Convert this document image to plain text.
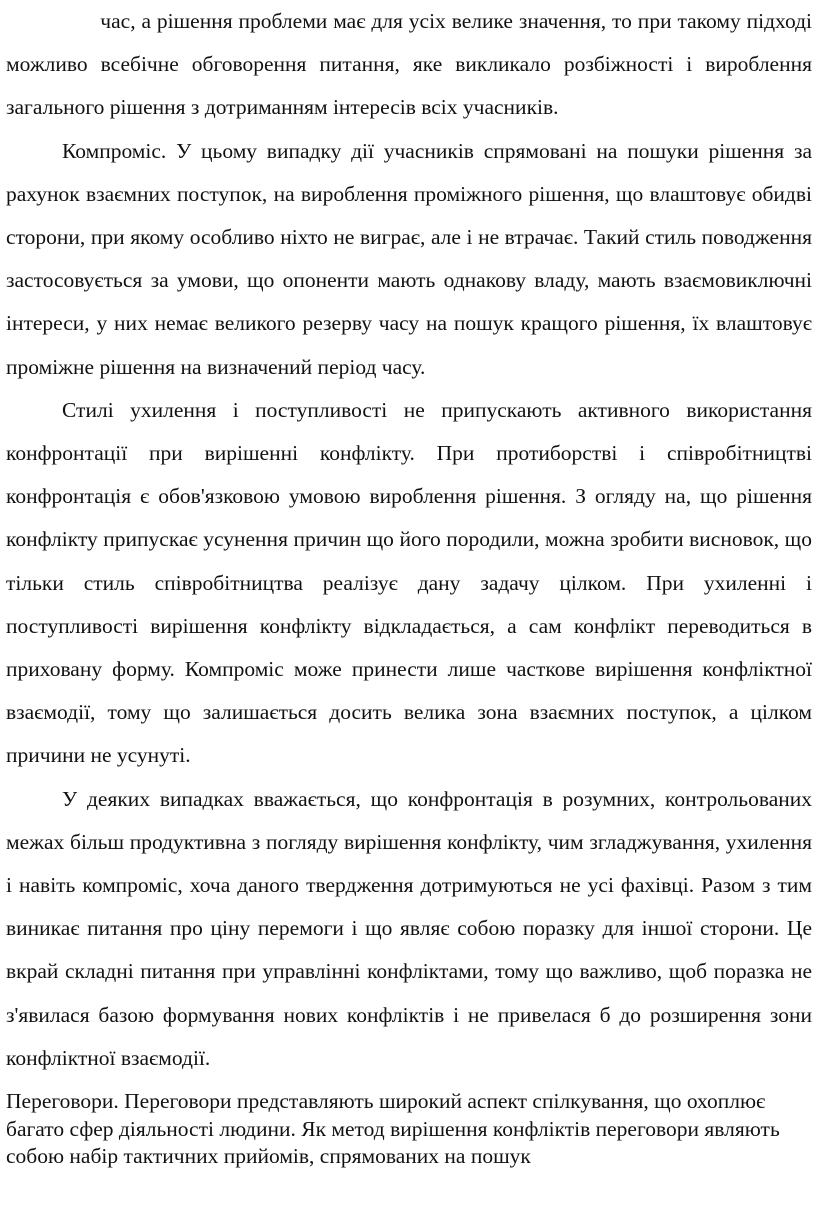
час, а рішення проблеми має для усіх велике значення, то при такому підході можливо всебічне обговорення питання, яке викликало розбіжності і вироблення загального рішення з дотриманням інтересів всіх учасників.

Компроміс. У цьому випадку дії учасників спрямовані на пошуки рішення за рахунок взаємних поступок, на вироблення проміжного рішення, що влаштовує обидві сторони, при якому особливо ніхто не виграє, але і не втрачає. Такий стиль поводження застосовується за умови, що опоненти мають однакову владу, мають взаємовиключні інтереси, у них немає великого резерву часу на пошук кращого рішення, їх влаштовує проміжне рішення на визначений період часу.

Стилі ухилення і поступливості не припускають активного використання конфронтації при вирішенні конфлікту. При протиборстві і співробітництві конфронтація є обов'язковою умовою вироблення рішення. З огляду на, що рішення конфлікту припускає усунення причин що його породили, можна зробити висновок, що тільки стиль співробітництва реалізує дану задачу цілком. При ухиленні і поступливості вирішення конфлікту відкладається, а сам конфлікт переводиться в приховану форму. Компроміс може принести лише часткове вирішення конфліктної взаємодії, тому що залишається досить велика зона взаємних поступок, а цілком причини не усунуті.

У деяких випадках вважається, що конфронтація в розумних, контрольованих межах більш продуктивна з погляду вирішення конфлікту, чим згладжування, ухилення і навіть компроміс, хоча даного твердження дотримуються не усі фахівці. Разом з тим виникає питання про ціну перемоги і що являє собою поразку для іншої сторони. Це вкрай складні питання при управлінні конфліктами, тому що важливо, щоб поразка не з'явилася базою формування нових конфліктів і не привелася б до розширення зони конфліктної взаємодії.

Переговори. Переговори представляють широкий аспект спілкування, що охоплює багато сфер діяльності людини. Як метод вирішення конфліктів переговори являють собою набір тактичних прийомів, спрямованих на пошук
